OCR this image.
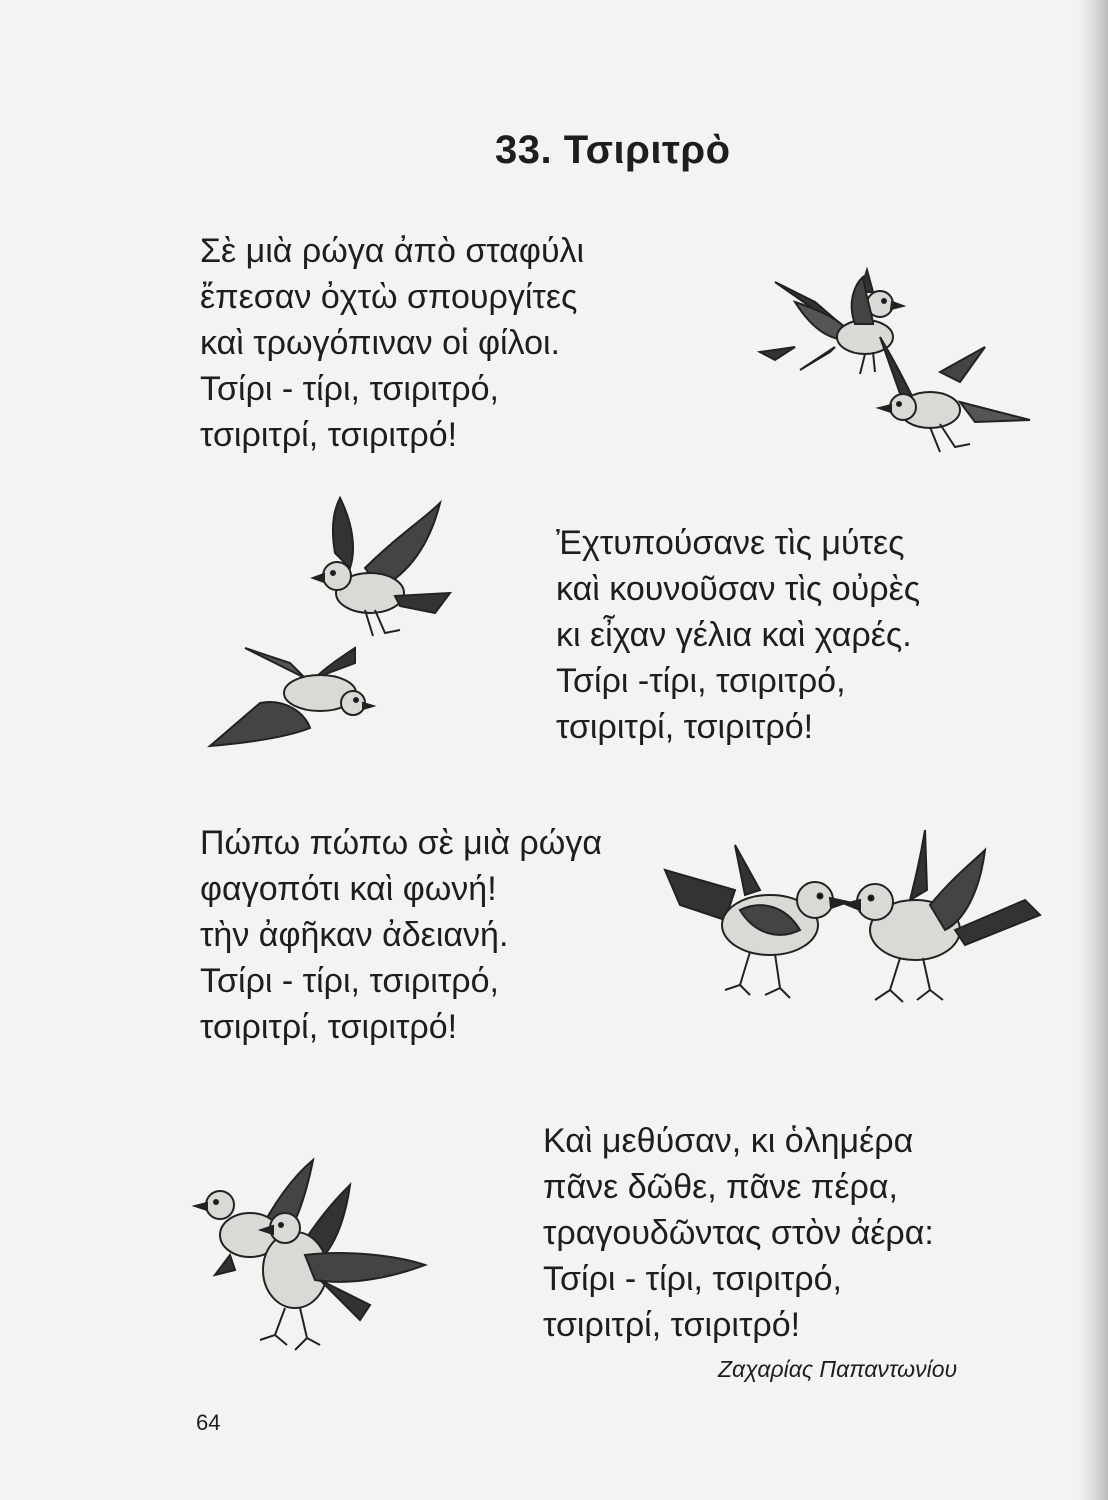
33. Τσιριτρὸ
Σὲ μιὰ ρώγα ἀπὸ σταφύλι
ἔπεσαν ὀχτὼ σπουργίτες
καὶ τρωγόπιναν οἱ φίλοι.
Τσίρι - τίρι, τσιριτρό,
τσιριτρί, τσιριτρό!
Ἐχτυπούσανε τὶς μύτες
καὶ κουνοῦσαν τὶς οὐρὲς
κι εἶχαν γέλια καὶ χαρές.
Τσίρι -τίρι, τσιριτρό,
τσιριτρί, τσιριτρό!
Πώπω πώπω σὲ μιὰ ρώγα
φαγοπότι καὶ φωνή!
τὴν ἀφῆκαν ἀδειανή.
Τσίρι - τίρι, τσιριτρό,
τσιριτρί, τσιριτρό!
Καὶ μεθύσαν, κι ὁλημέρα
πᾶνε δῶθε, πᾶνε πέρα,
τραγουδῶντας στὸν ἀέρα:
Τσίρι - τίρι, τσιριτρό,
τσιριτρί, τσιριτρό!
Ζαχαρίας Παπαντωνίου
64
